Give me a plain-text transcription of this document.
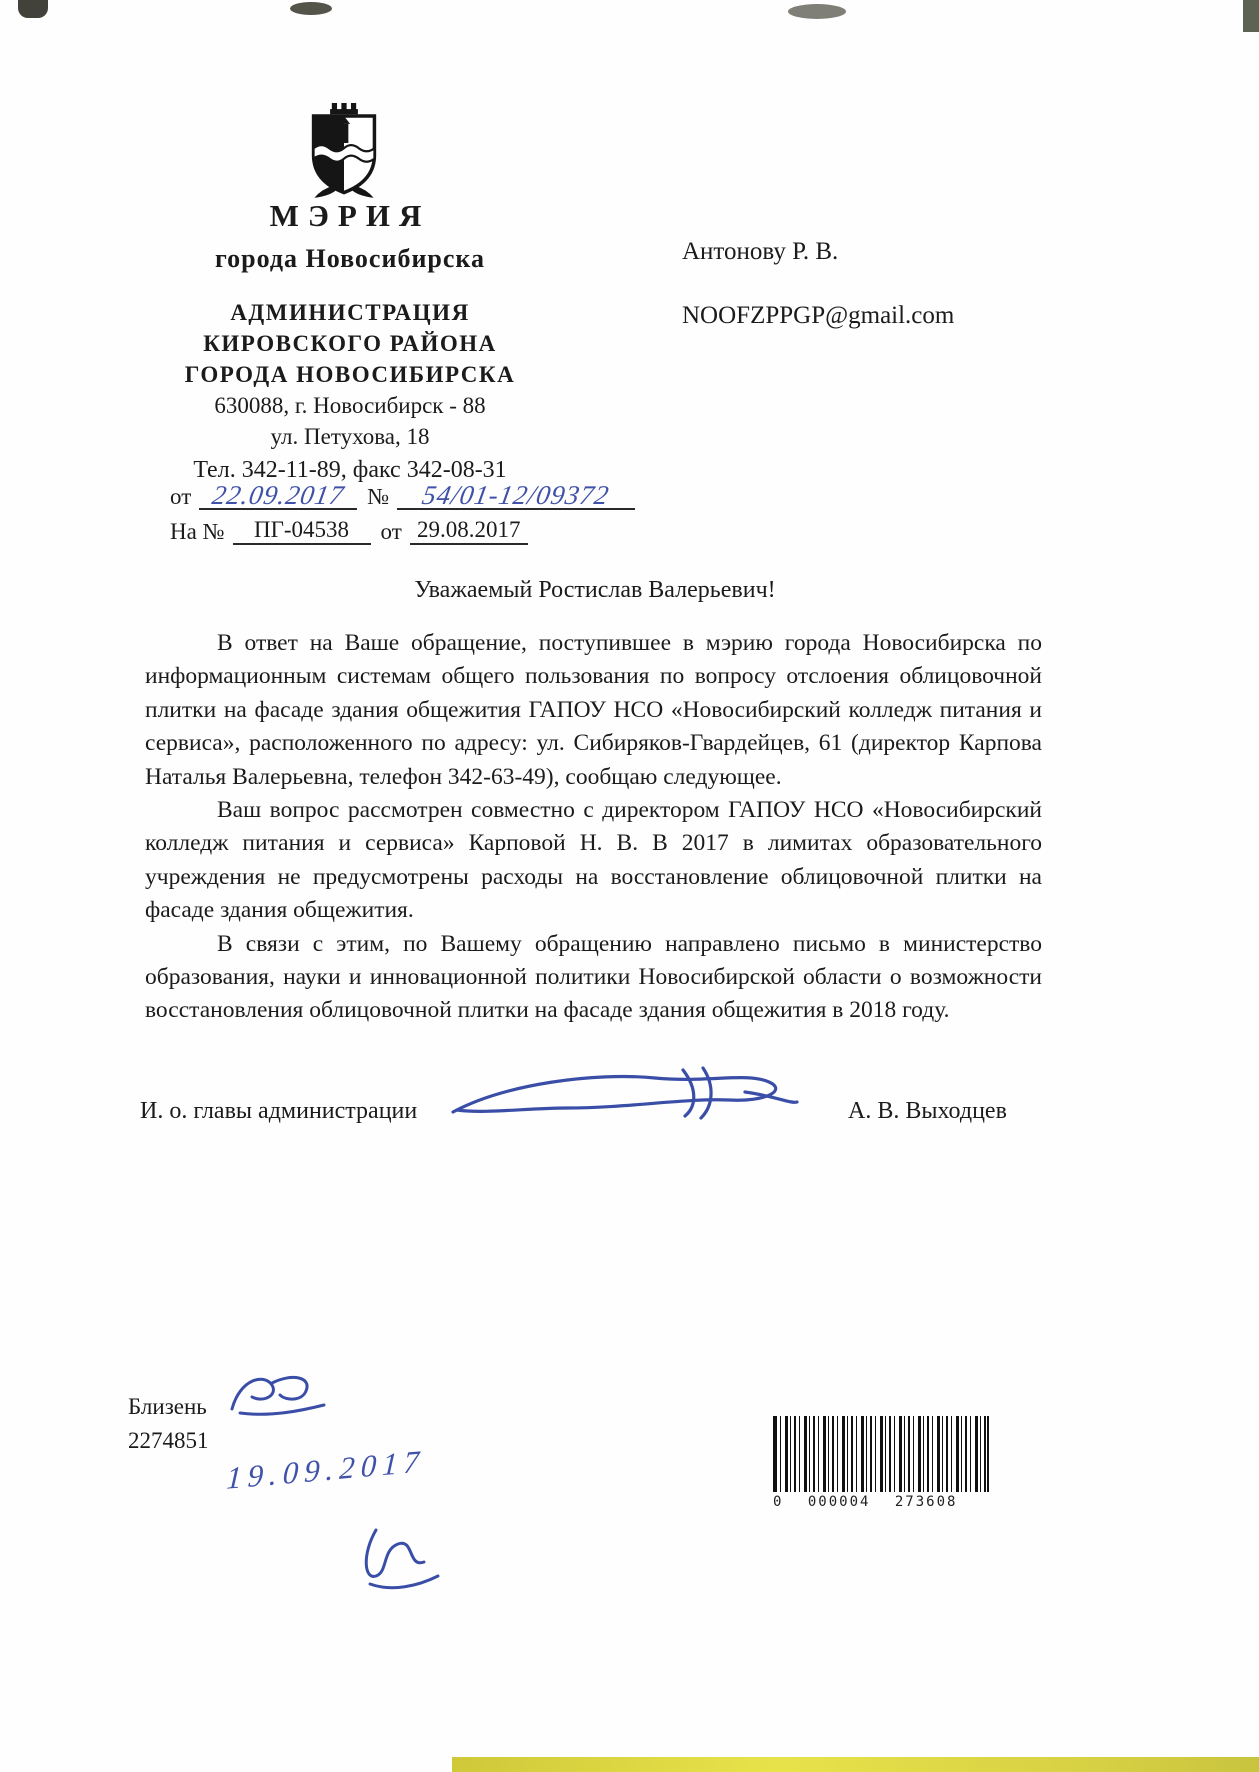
МЭРИЯ
города Новосибирска
АДМИНИСТРАЦИЯ
КИРОВСКОГО РАЙОНА
ГОРОДА НОВОСИБИРСКА
630088, г. Новосибирск - 88
ул. Петухова, 18
Тел. 342-11-89, факс 342-08-31
от 22.09.2017 №	54/01-12/09372
На №	ПГ-04538	от 29.08.2017
Антонову Р. В.
NOOFZPPGP@gmail.com
Уважаемый Ростислав Валерьевич!

В ответ на Ваше обращение, поступившее в мэрию города Новосибирска по информационным системам общего пользования по вопросу отслоения облицовочной плитки на фасаде здания общежития ГАПОУ НСО «Новосибирский колледж питания и сервиса», расположенного по адресу: ул. Сибиряков-Гвардейцев, 61 (директор Карпова Наталья Валерьевна, телефон 342-63-49), сообщаю следующее.

Ваш вопрос рассмотрен совместно с директором ГАПОУ НСО «Новосибирский колледж питания и сервиса» Карповой Н. В. В 2017 в лимитах образовательного учреждения не предусмотрены расходы на восстановление облицовочной плитки на фасаде здания общежития.

В связи с этим, по Вашему обращению направлено письмо в министерство образования, науки и инновационной политики Новосибирской области о возможности восстановления облицовочной плитки на фасаде здания общежития в 2018 году.

И. о. главы администрации	А. В. Выходцев
Близень
2274851
19.09.2017
0 000004 273608
